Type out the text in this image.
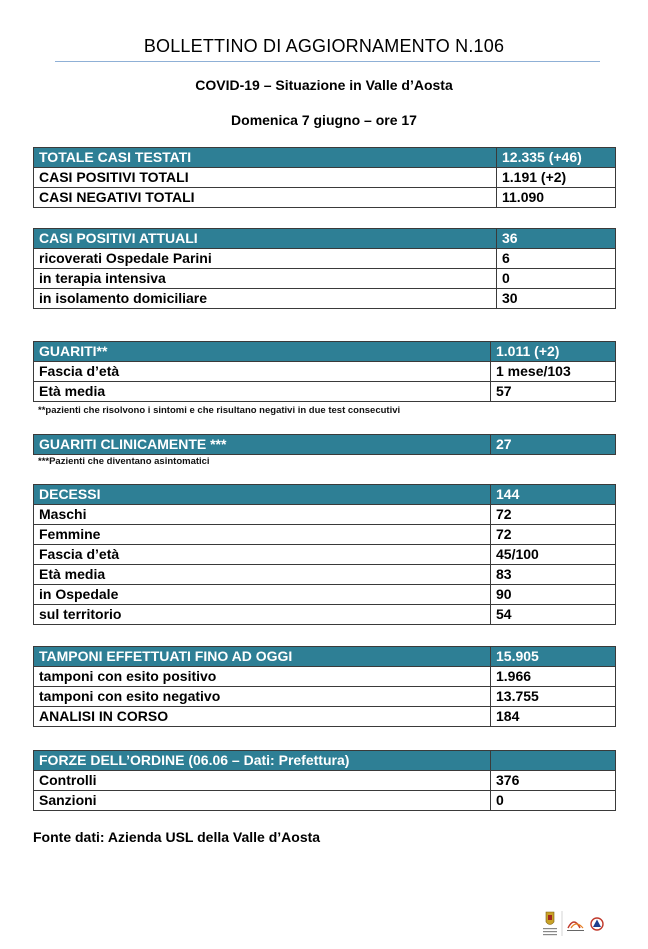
BOLLETTINO DI AGGIORNAMENTO N.106
COVID-19 – Situazione in Valle d’Aosta
Domenica 7 giugno – ore 17
TOTALE CASI TESTATI	12.335 (+46)
CASI POSITIVI TOTALI	1.191 (+2)
CASI NEGATIVI TOTALI	11.090
CASI POSITIVI ATTUALI	36
ricoverati Ospedale Parini	6
in terapia intensiva	0
in isolamento domiciliare	30
GUARITI**	1.011 (+2)
Fascia d’età	1 mese/103
Età media	57
**pazienti che risolvono i sintomi e che risultano negativi in due test consecutivi
GUARITI CLINICAMENTE ***	27
***Pazienti che diventano asintomatici
DECESSI	144
Maschi	72
Femmine	72
Fascia d’età	45/100
Età media	83
in Ospedale	90
sul territorio	54
TAMPONI EFFETTUATI FINO AD OGGI	15.905
tamponi con esito positivo	1.966
tamponi con esito negativo	13.755
ANALISI IN CORSO	184
FORZE DELL’ORDINE (06.06 – Dati: Prefettura)	
Controlli	376
Sanzioni	0
Fonte dati: Azienda USL della Valle d’Aosta
